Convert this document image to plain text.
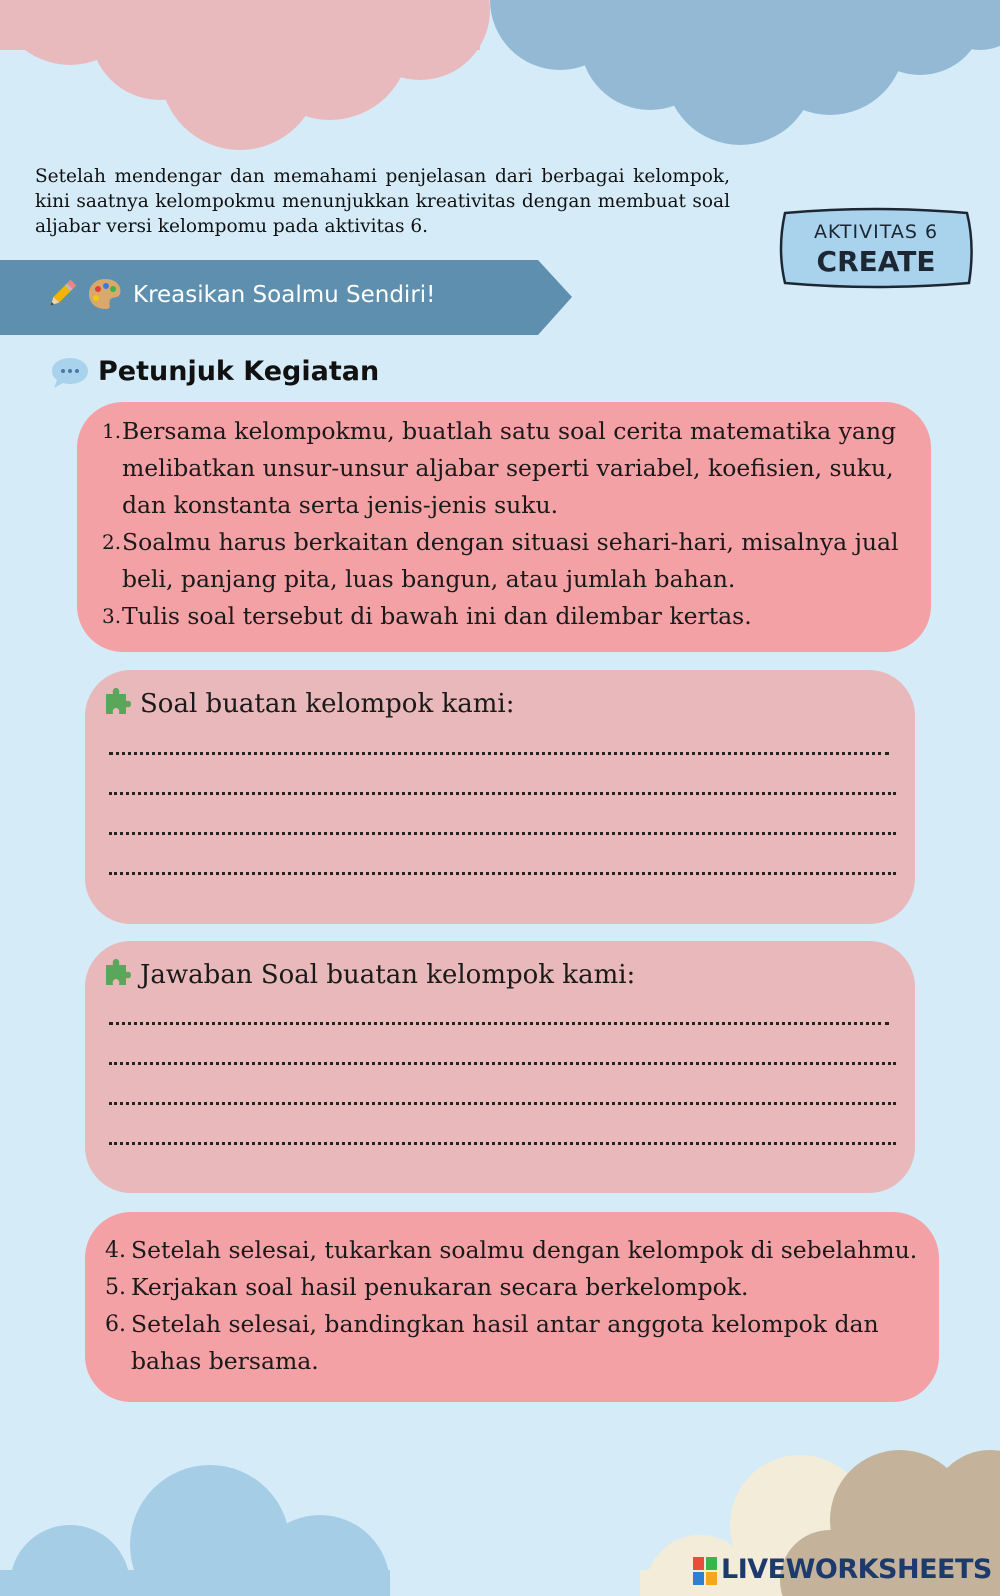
Setelah mendengar dan memahami penjelasan dari berbagai kelompok, kini saatnya kelompokmu menunjukkan kreativitas dengan membuat soal aljabar versi kelompomu pada aktivitas 6.	AKTIVITAS 6
CREATE
Kreasikan Soalmu Sendiri!
Petunjuk Kegiatan
1. Bersama kelompokmu, buatlah satu soal cerita matematika yang melibatkan unsur-unsur aljabar seperti variabel, koefisien, suku, dan konstanta serta jenis-jenis suku.
2. Soalmu harus berkaitan dengan situasi sehari-hari, misalnya jual beli, panjang pita, luas bangun, atau jumlah bahan.
3. Tulis soal tersebut di bawah ini dan dilembar kertas.
Soal buatan kelompok kami:
Jawaban Soal buatan kelompok kami:
4. Setelah selesai, tukarkan soalmu dengan kelompok di sebelahmu.
5. Kerjakan soal hasil penukaran secara berkelompok.
6. Setelah selesai, bandingkan hasil antar anggota kelompok dan bahas bersama.
LIVEWORKSHEETS
